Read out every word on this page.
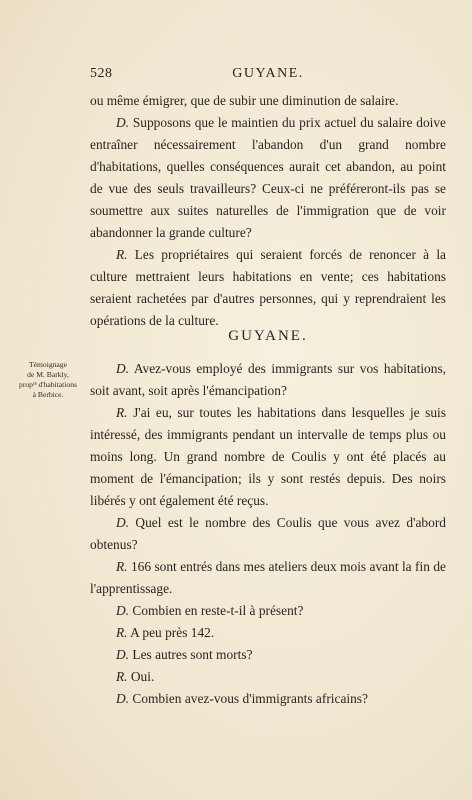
528	GUYANE.

ou même émigrer, que de subir une diminution de salaire.

D. Supposons que le maintien du prix actuel du salaire doive entraîner nécessairement l'abandon d'un grand nombre d'habitations, quelles conséquences aurait cet abandon, au point de vue des seuls travailleurs? Ceux-ci ne préféreront-ils pas se soumettre aux suites naturelles de l'immigration que de voir abandonner la grande culture?

R. Les propriétaires qui seraient forcés de renoncer à la culture mettraient leurs habitations en vente; ces habitations seraient rachetées par d'autres personnes, qui y reprendraient les opérations de la culture.

GUYANE.
Témoignage
de M. Barkly,
propʳᵉ d'habitations
à Berbice.

D. Avez-vous employé des immigrants sur vos habitations, soit avant, soit après l'émancipation?

R. J'ai eu, sur toutes les habitations dans lesquelles je suis intéressé, des immigrants pendant un intervalle de temps plus ou moins long. Un grand nombre de Coulis y ont été placés au moment de l'émancipation; ils y sont restés depuis. Des noirs libérés y ont également été reçus.

D. Quel est le nombre des Coulis que vous avez d'abord obtenus?

R. 166 sont entrés dans mes ateliers deux mois avant la fin de l'apprentissage.

D. Combien en reste-t-il à présent?

R. A peu près 142.

D. Les autres sont morts?

R. Oui.

D. Combien avez-vous d'immigrants africains?
